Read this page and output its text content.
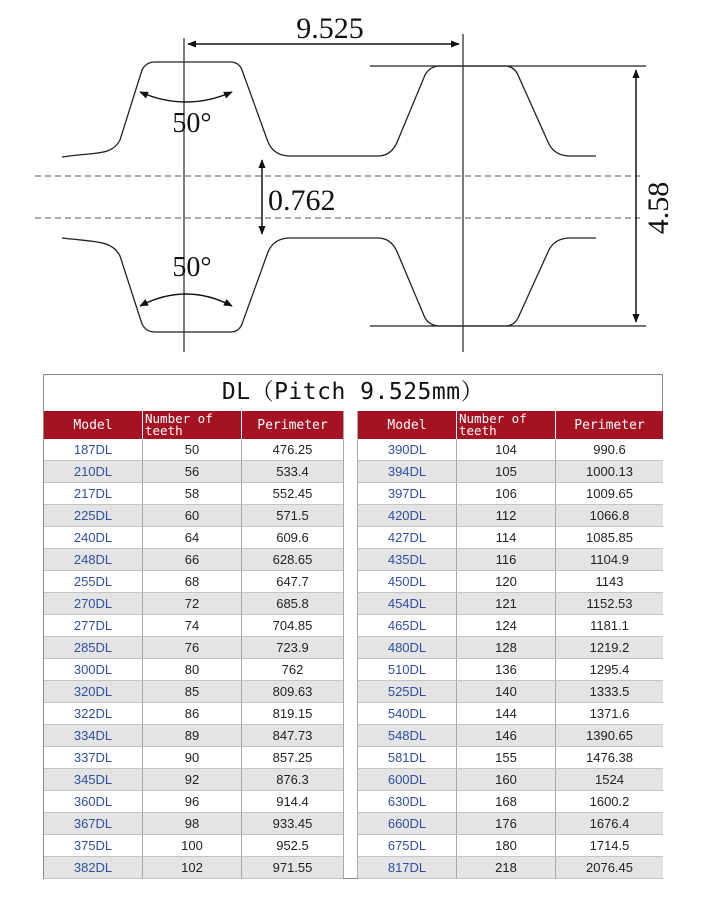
9.525
50°
50°
0.762	4.58
DL（Pitch 9.525mm）
Model	Number of teeth	Perimeter
187DL	50	476.25
210DL	56	533.4
217DL	58	552.45
225DL	60	571.5
240DL	64	609.6
248DL	66	628.65
255DL	68	647.7
270DL	72	685.8
277DL	74	704.85
285DL	76	723.9
300DL	80	762
320DL	85	809.63
322DL	86	819.15
334DL	89	847.73
337DL	90	857.25
345DL	92	876.3
360DL	96	914.4
367DL	98	933.45
375DL	100	952.5
382DL	102	971.55
Model	Number of teeth	Perimeter
390DL	104	990.6
394DL	105	1000.13
397DL	106	1009.65
420DL	112	1066.8
427DL	114	1085.85
435DL	116	1104.9
450DL	120	1143
454DL	121	1152.53
465DL	124	1181.1
480DL	128	1219.2
510DL	136	1295.4
525DL	140	1333.5
540DL	144	1371.6
548DL	146	1390.65
581DL	155	1476.38
600DL	160	1524
630DL	168	1600.2
660DL	176	1676.4
675DL	180	1714.5
817DL	218	2076.45
